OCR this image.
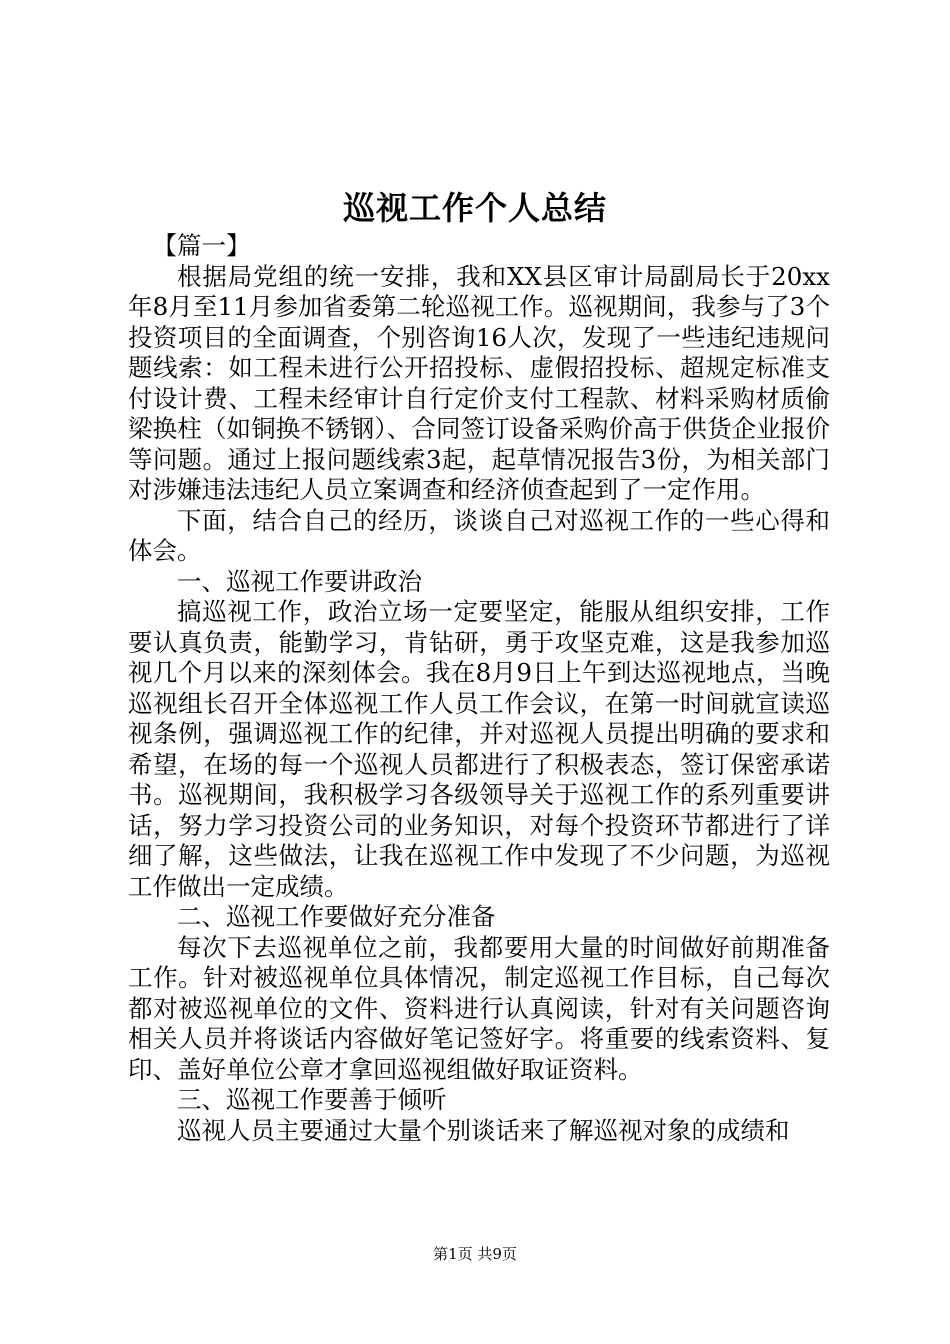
巡视工作个人总结

【篇一】

根据局党组的统一安排，我和XX县区审计局副局长于20xx年8月至11月参加省委第二轮巡视工作。巡视期间，我参与了3个投资项目的全面调查，个别咨询16人次，发现了一些违纪违规问题线索：如工程未进行公开招投标、虚假招投标、超规定标准支付设计费、工程未经审计自行定价支付工程款、材料采购材质偷梁换柱（如铜换不锈钢）、合同签订设备采购价高于供货企业报价等问题。通过上报问题线索3起，起草情况报告3份，为相关部门对涉嫌违法违纪人员立案调查和经济侦查起到了一定作用。

下面，结合自己的经历，谈谈自己对巡视工作的一些心得和体会。

一、巡视工作要讲政治

搞巡视工作，政治立场一定要坚定，能服从组织安排，工作要认真负责，能勤学习，肯钻研，勇于攻坚克难，这是我参加巡视几个月以来的深刻体会。我在8月9日上午到达巡视地点，当晚巡视组长召开全体巡视工作人员工作会议，在第一时间就宣读巡视条例，强调巡视工作的纪律，并对巡视人员提出明确的要求和希望，在场的每一个巡视人员都进行了积极表态，签订保密承诺书。巡视期间，我积极学习各级领导关于巡视工作的系列重要讲话，努力学习投资公司的业务知识，对每个投资环节都进行了详细了解，这些做法，让我在巡视工作中发现了不少问题，为巡视工作做出一定成绩。

二、巡视工作要做好充分准备

每次下去巡视单位之前，我都要用大量的时间做好前期准备工作。针对被巡视单位具体情况，制定巡视工作目标，自己每次都对被巡视单位的文件、资料进行认真阅读，针对有关问题咨询相关人员并将谈话内容做好笔记签好字。将重要的线索资料、复印、盖好单位公章才拿回巡视组做好取证资料。

三、巡视工作要善于倾听

巡视人员主要通过大量个别谈话来了解巡视对象的成绩和

第1页 共9页
